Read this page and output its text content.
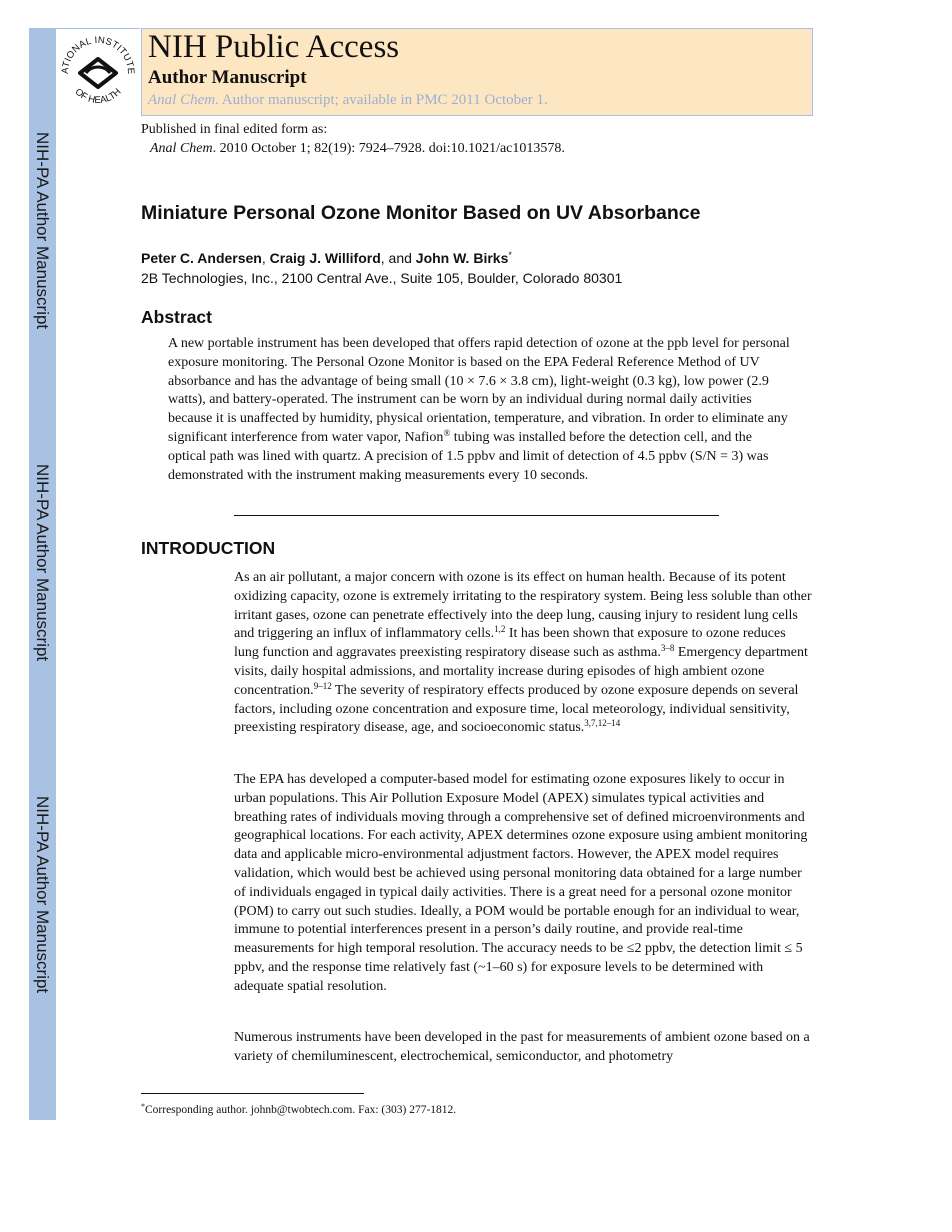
NIH-PA Author Manuscript
NIH-PA Author Manuscript
NIH-PA Author Manuscript
ATIONAL INSTITUTE
OF HEALTH
NIH Public Access
Author Manuscript
Anal Chem. Author manuscript; available in PMC 2011 October 1.
Published in final edited form as:
Anal Chem. 2010 October 1; 82(19): 7924–7928. doi:10.1021/ac1013578.
Miniature Personal Ozone Monitor Based on UV Absorbance
Peter C. Andersen, Craig J. Williford, and John W. Birks*
2B Technologies, Inc., 2100 Central Ave., Suite 105, Boulder, Colorado 80301
Abstract
A new portable instrument has been developed that offers rapid detection of ozone at the ppb level for personal exposure monitoring. The Personal Ozone Monitor is based on the EPA Federal Reference Method of UV absorbance and has the advantage of being small (10 × 7.6 × 3.8 cm), light-weight (0.3 kg), low power (2.9 watts), and battery-operated. The instrument can be worn by an individual during normal daily activities because it is unaffected by humidity, physical orientation, temperature, and vibration. In order to eliminate any significant interference from water vapor, Nafion® tubing was installed before the detection cell, and the optical path was lined with quartz. A precision of 1.5 ppbv and limit of detection of 4.5 ppbv (S/N = 3) was demonstrated with the instrument making measurements every 10 seconds.
INTRODUCTION
As an air pollutant, a major concern with ozone is its effect on human health. Because of its potent oxidizing capacity, ozone is extremely irritating to the respiratory system. Being less soluble than other irritant gases, ozone can penetrate effectively into the deep lung, causing injury to resident lung cells and triggering an influx of inflammatory cells.$^{1,2}$ It has been shown that exposure to ozone reduces lung function and aggravates preexisting respiratory disease such as asthma.$^{3-8}$ Emergency department visits, daily hospital admissions, and mortality increase during episodes of high ambient ozone concentration.$^{9-12}$ The severity of respiratory effects produced by ozone exposure depends on several factors, including ozone concentration and exposure time, local meteorology, individual sensitivity, preexisting respiratory disease, age, and socioeconomic status.$^{3,7,12-14}$
The EPA has developed a computer-based model for estimating ozone exposures likely to occur in urban populations. This Air Pollution Exposure Model (APEX) simulates typical activities and breathing rates of individuals moving through a comprehensive set of defined microenvironments and geographical locations. For each activity, APEX determines ozone exposure using ambient monitoring data and applicable micro-environmental adjustment factors. However, the APEX model requires validation, which would best be achieved using personal monitoring data obtained for a large number of individuals engaged in typical daily activities. There is a great need for a personal ozone monitor (POM) to carry out such studies. Ideally, a POM would be portable enough for an individual to wear, immune to potential interferences present in a person’s daily routine, and provide real-time measurements for high temporal resolution. The accuracy needs to be ≤2 ppbv, the detection limit ≤ 5 ppbv, and the response time relatively fast (~1–60 s) for exposure levels to be determined with adequate spatial resolution.
Numerous instruments have been developed in the past for measurements of ambient ozone based on a variety of chemiluminescent, electrochemical, semiconductor, and photometry
*Corresponding author. johnb@twobtech.com. Fax: (303) 277-1812.
